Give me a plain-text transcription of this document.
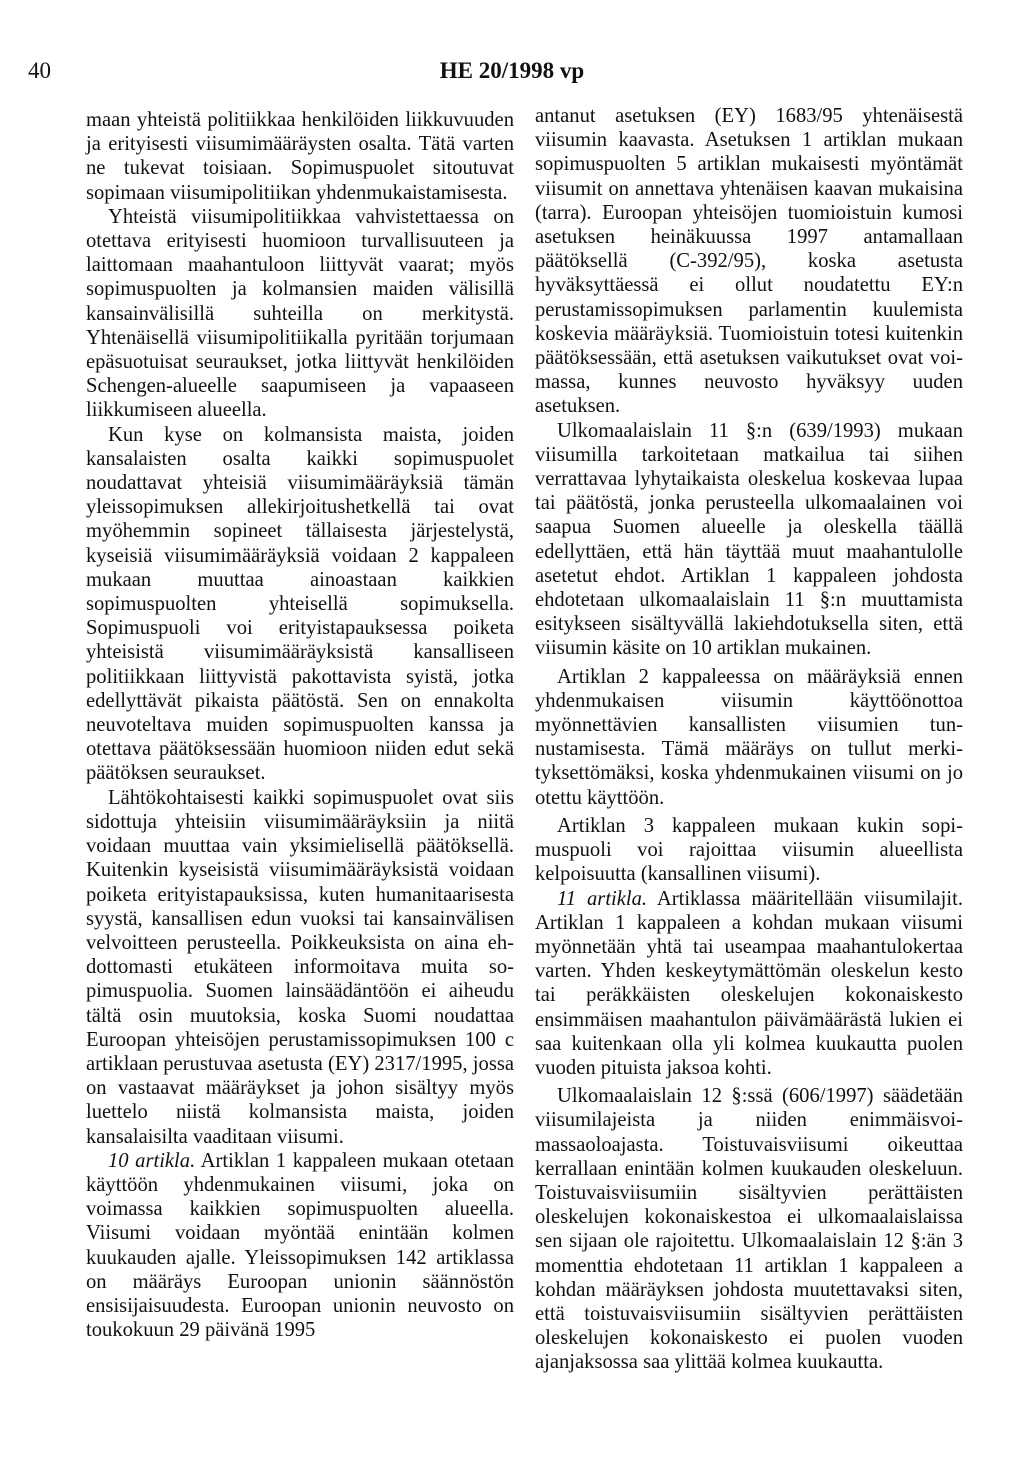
40	HE 20/1998 vp

maan yhteistä politiikkaa henkilöiden liikkuvuuden ja erityisesti viisumimääräysten osalta. Tätä varten ne tukevat toisiaan. Sopimuspuolet sitoutuvat sopimaan viisumipolitiikan yhdenmukaistamisesta.

Yhteistä viisumipolitiikkaa vahvistettaessa on otettava erityisesti huomioon turvallisuuteen ja laittomaan maahantuloon liittyvät vaarat; myös sopimuspuolten ja kolmansien maiden välisillä kansainvälisillä suhteilla on merkitystä. Yhtenäisellä viisumipolitiikalla pyritään torjumaan epäsuotuisat seuraukset, jotka liittyvät henkilöiden Schengen-alueelle saapumiseen ja vapaaseen liikkumiseen alueella.

Kun kyse on kolmansista maista, joiden kansalaisten osalta kaikki sopimuspuolet noudattavat yhteisiä viisumimääräyksiä tämän yleissopimuksen allekirjoitushetkellä tai ovat myöhemmin sopineet tällaisesta järjestelystä, kyseisiä viisumimääräyksiä voidaan 2 kappaleen mukaan muuttaa ainoastaan kaikkien sopimuspuolten yhteisellä sopimuksella. Sopimuspuoli voi erityistapauksessa poiketa yhteisistä viisumimääräyksistä kansalliseen politiikkaan liittyvistä pakottavista syistä, jotka edellyttävät pikaista päätöstä. Sen on ennakolta neuvoteltava muiden sopimuspuolten kanssa ja otettava päätöksessään huomioon niiden edut sekä päätöksen seuraukset.

Lähtökohtaisesti kaikki sopimuspuolet ovat siis sidottuja yhteisiin viisumimääräyksiin ja niitä voidaan muuttaa vain yksimielisellä päätöksellä. Kuitenkin kyseisistä viisumimääräyksistä voidaan poiketa erityistapauksissa, kuten humanitaarisesta syystä, kansallisen edun vuoksi tai kansainvälisen velvoitteen perusteella. Poikkeuksista on aina ehdottomasti etukäteen informoitava muita sopimuspuolia. Suomen lainsäädäntöön ei aiheudu tältä osin muutoksia, koska Suomi noudattaa Euroopan yhteisöjen perustamissopimuksen 100 c artiklaan perustuvaa asetusta (EY) 2317/1995, jossa on vastaavat määräykset ja johon sisältyy myös luettelo niistä kolmansista maista, joiden kansalaisilta vaaditaan viisumi.

10 artikla. Artiklan 1 kappaleen mukaan otetaan käyttöön yhdenmukainen viisumi, joka on voimassa kaikkien sopimuspuolten alueella. Viisumi voidaan myöntää enintään kolmen kuukauden ajalle. Yleissopimuksen 142 artiklassa on määräys Euroopan unionin säännöstön ensisijaisuudesta. Euroopan unionin neuvosto on toukokuun 29 päivänä 1995

antanut asetuksen (EY) 1683/95 yhtenäisestä viisumin kaavasta. Asetuksen 1 artiklan mukaan sopimuspuolten 5 artiklan mukaisesti myöntämät viisumit on annettava yhtenäisen kaavan mukaisina (tarra). Euroopan yhteisöjen tuomioistuin kumosi asetuksen heinäkuussa 1997 antamallaan päätöksellä (C-392/95), koska asetusta hyväksyttäessä ei ollut noudatettu EY:n perustamissopimuksen parlamentin kuulemista koskevia määräyksiä. Tuomioistuin totesi kuitenkin päätöksessään, että asetuksen vaikutukset ovat voimassa, kunnes neuvosto hyväksyy uuden asetuksen.

Ulkomaalaislain 11 §:n (639/1993) mukaan viisumilla tarkoitetaan matkailua tai siihen verrattavaa lyhytaikaista oleskelua koskevaa lupaa tai päätöstä, jonka perusteella ulkomaalainen voi saapua Suomen alueelle ja oleskella täällä edellyttäen, että hän täyttää muut maahantulolle asetetut ehdot. Artiklan 1 kappaleen johdosta ehdotetaan ulkomaalaislain 11 §:n muuttamista esitykseen sisältyvällä lakiehdotuksella siten, että viisumin käsite on 10 artiklan mukainen.

Artiklan 2 kappaleessa on määräyksiä ennen yhdenmukaisen viisumin käyttöönottoa myönnettävien kansallisten viisumien tunnustamisesta. Tämä määräys on tullut merkityksettömäksi, koska yhdenmukainen viisumi on jo otettu käyttöön.

Artiklan 3 kappaleen mukaan kukin sopimuspuoli voi rajoittaa viisumin alueellista kelpoisuutta (kansallinen viisumi).

11 artikla. Artiklassa määritellään viisumilajit. Artiklan 1 kappaleen a kohdan mukaan viisumi myönnetään yhtä tai useampaa maahantulokertaa varten. Yhden keskeytymättömän oleskelun kesto tai peräkkäisten oleskelujen kokonaiskesto ensimmäisen maahantulon päivämäärästä lukien ei saa kuitenkaan olla yli kolmea kuukautta puolen vuoden pituista jaksoa kohti.

Ulkomaalaislain 12 §:ssä (606/1997) säädetään viisumilajeista ja niiden enimmäisvoimassaoloajasta. Toistuvaisviisumi oikeuttaa kerrallaan enintään kolmen kuukauden oleskeluun. Toistuvaisviisumiin sisältyvien perättäisten oleskelujen kokonaiskestoa ei ulkomaalaislaissa sen sijaan ole rajoitettu. Ulkomaalaislain 12 §:än 3 momenttia ehdotetaan 11 artiklan 1 kappaleen a kohdan määräyksen johdosta muutettavaksi siten, että toistuvaisviisumiin sisältyvien perättäisten oleskelujen kokonaiskesto ei puolen vuoden ajanjaksossa saa ylittää kolmea kuukautta.
